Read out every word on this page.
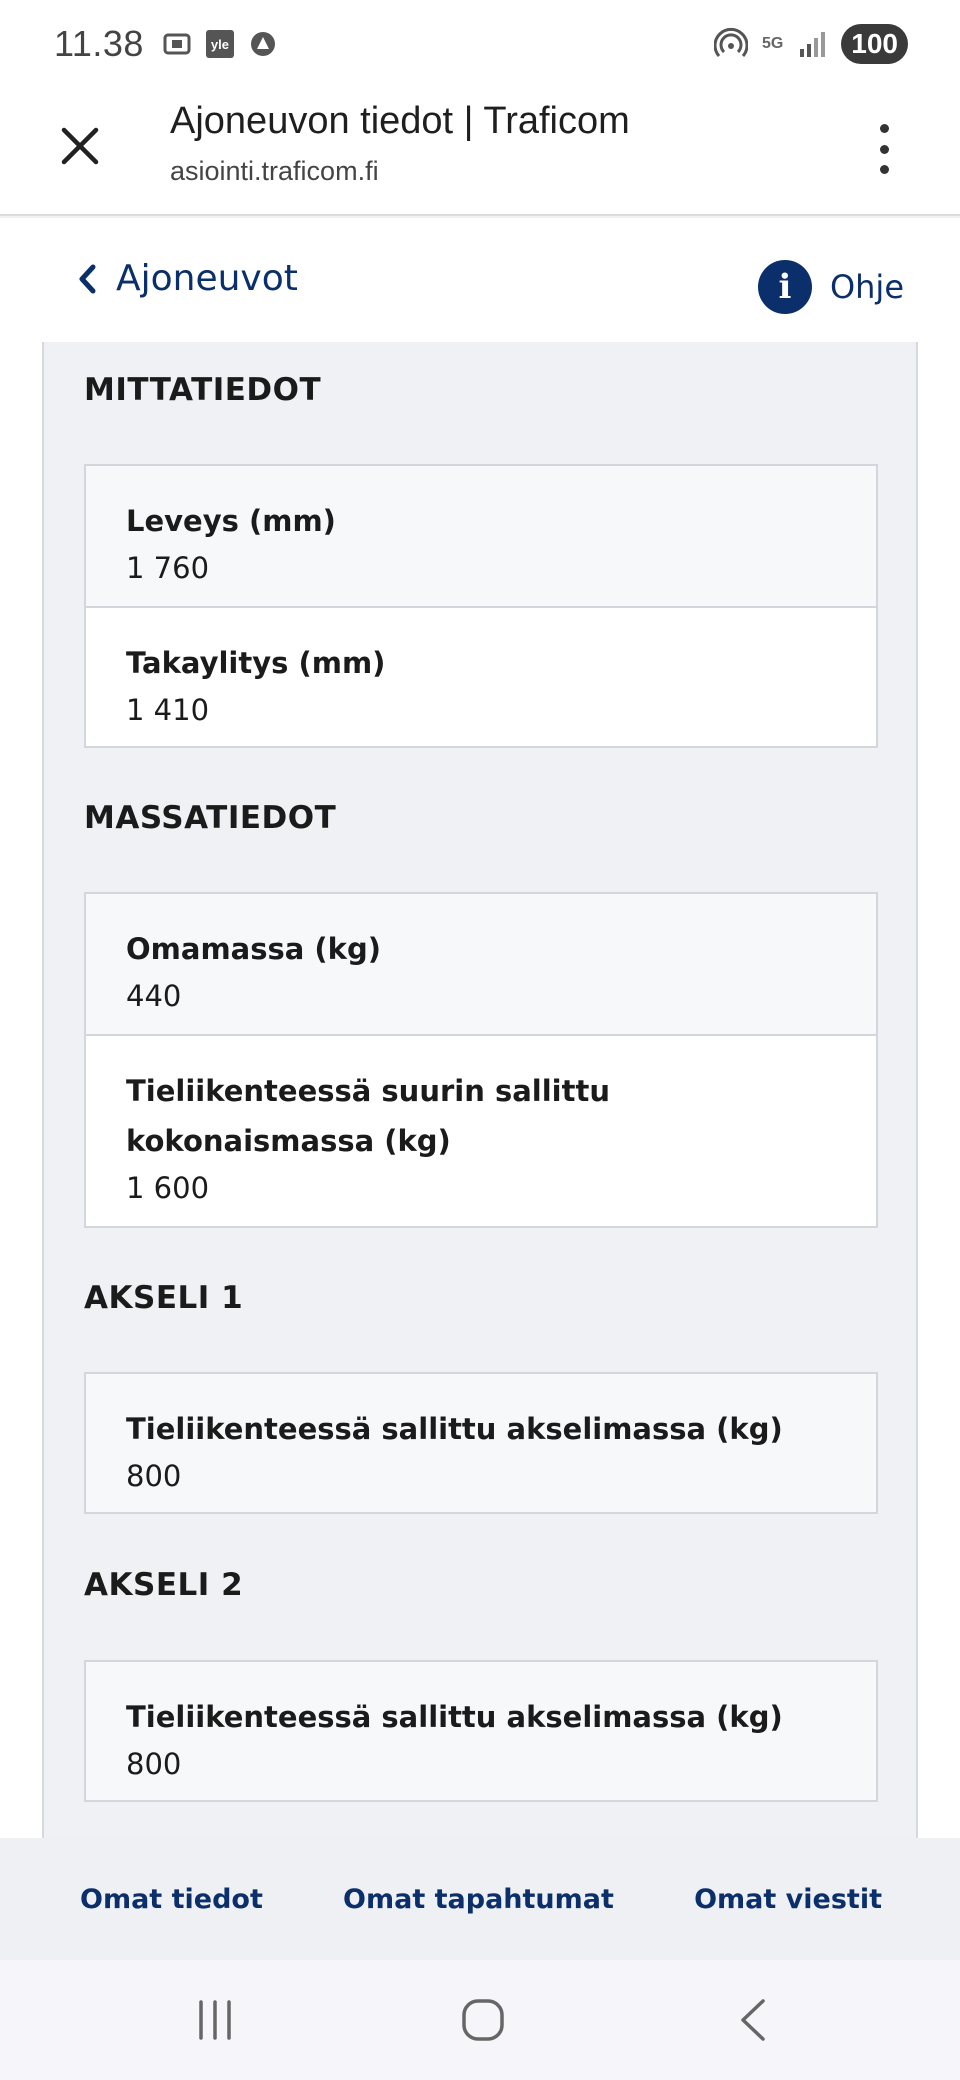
11.38	yle	5G	100
Ajoneuvon tiedot | Traficom
asiointi.traficom.fi
Ajoneuvot	i	Ohje
MITTATIEDOT
Leveys (mm)
1 760
Takaylitys (mm)
1 410
MASSATIEDOT
Omamassa (kg)
440
Tieliikenteessä suurin sallittu kokonaismassa (kg)
1 600
AKSELI 1
Tieliikenteessä sallittu akselimassa (kg)
800
AKSELI 2
Tieliikenteessä sallittu akselimassa (kg)
800
Omat tiedot	Omat tapahtumat	Omat viestit
